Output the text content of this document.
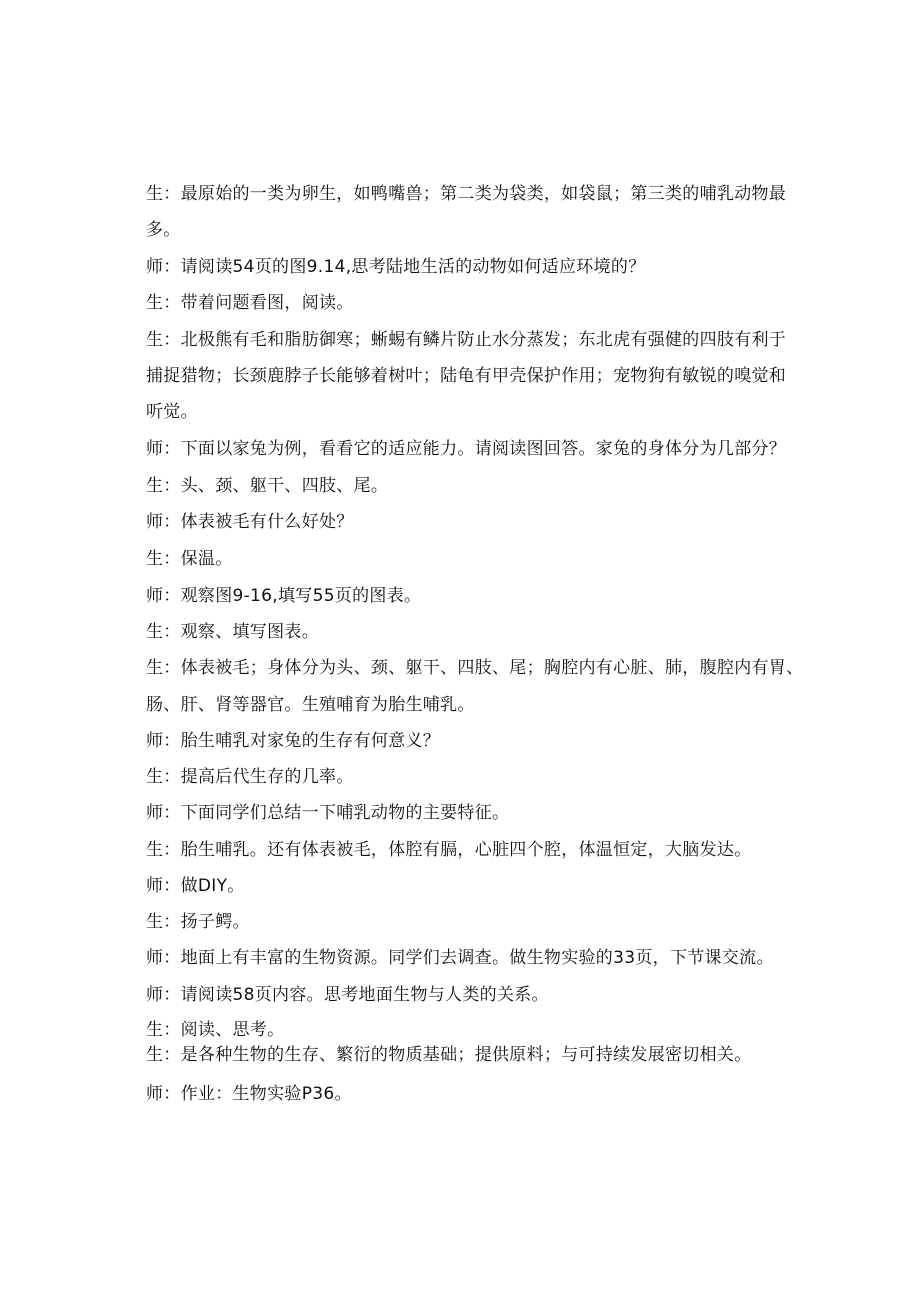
生：最原始的一类为卵生，如鸭嘴兽；第二类为袋类，如袋鼠；第三类的哺乳动物最
多。
师：请阅读54页的图9.14,思考陆地生活的动物如何适应环境的？
生：带着问题看图，阅读。
生：北极熊有毛和脂肪御寒；蜥蜴有鳞片防止水分蒸发；东北虎有强健的四肢有利于
捕捉猎物；长颈鹿脖子长能够着树叶；陆龟有甲壳保护作用；宠物狗有敏锐的嗅觉和
听觉。
师：下面以家兔为例，看看它的适应能力。请阅读图回答。家兔的身体分为几部分？
生：头、颈、躯干、四肢、尾。
师：体表被毛有什么好处？
生：保温。
师：观察图9-16,填写55页的图表。
生：观察、填写图表。
生：体表被毛；身体分为头、颈、躯干、四肢、尾；胸腔内有心脏、肺，腹腔内有胃、
肠、肝、肾等器官。生殖哺育为胎生哺乳。
师：胎生哺乳对家兔的生存有何意义？
生：提高后代生存的几率。
师：下面同学们总结一下哺乳动物的主要特征。
生：胎生哺乳。还有体表被毛，体腔有膈，心脏四个腔，体温恒定，大脑发达。
师：做DIY。
生：扬子鳄。
师：地面上有丰富的生物资源。同学们去调查。做生物实验的33页，下节课交流。
师：请阅读58页内容。思考地面生物与人类的关系。
生：阅读、思考。
生：是各种生物的生存、繁衍的物质基础；提供原料；与可持续发展密切相关。
师：作业：生物实验P36。
